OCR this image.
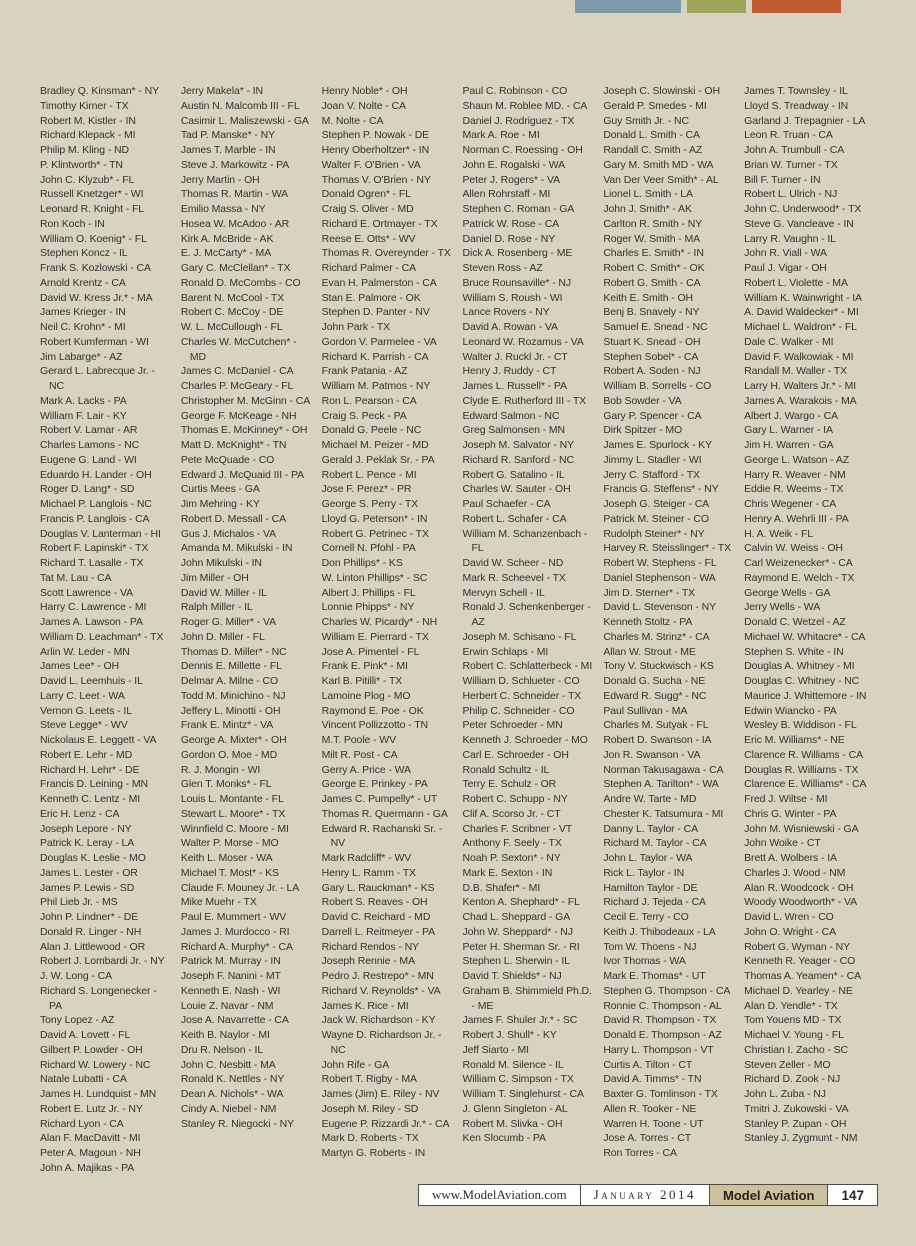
Bradley Q. Kinsman* - NY
Timothy Kirner - TX
Robert M. Kistler - IN
Richard Klepack - MI
Philip M. Kling - ND
P. Klintworth* - TN
John C. Klyzub* - FL
Russell Knetzger* - WI
Leonard R. Knight - FL
Ron Koch - IN
William O. Koenig* - FL
Stephen Koncz - IL
Frank S. Kozlowski - CA
Arnold Krentz - CA
David W. Kress Jr.* - MA
James Krieger - IN
Neil C. Krohn* - MI
Robert Kumferman - WI
Jim Labarge* - AZ
Gerard L. Labrecque Jr. - NC
Mark A. Lacks - PA
William F. Lair - KY
Robert V. Lamar - AR
Charles Lamons - NC
Eugene G. Land - WI
Eduardo H. Lander - OH
Roger D. Lang* - SD
Michael P. Langlois - NC
Francis P. Langlois - CA
Douglas V. Lanterman - HI
Robert F. Lapinski* - TX
Richard T. Lasalle - TX
Tat M. Lau - CA
Scott Lawrence - VA
Harry C. Lawrence - MI
James A. Lawson - PA
William D. Leachman* - TX
Arlin W. Leder - MN
James Lee* - OH
David L. Leemhuis - IL
Larry C. Leet - WA
Vernon G. Leets - IL
Steve Legge* - WV
Nickolaus E. Leggett - VA
Robert E. Lehr - MD
Richard H. Lehr* - DE
Francis D. Leining - MN
Kenneth C. Lentz - MI
Eric H. Lenz - CA
Joseph Lepore - NY
Patrick K. Leray - LA
Douglas K. Leslie - MO
James L. Lester - OR
James P. Lewis - SD
Phil Lieb Jr. - MS
John P. Lindner* - DE
Donald R. Linger - NH
Alan J. Littlewood - OR
Robert J. Lombardi Jr. - NY
J. W. Long - CA
Richard S. Longenecker - PA
Tony Lopez - AZ
David A. Lovett - FL
Gilbert P. Lowder - OH
Richard W. Lowery - NC
Natale Lubatti - CA
James H. Lundquist - MN
Robert E. Lutz Jr. - NY
Richard Lyon - CA
Alan F. MacDavitt - MI
Peter A. Magoun - NH
John A. Majikas - PA
Jerry Makela* - IN
Austin N. Malcomb III - FL
Casimir L. Maliszewski - GA
Tad P. Manske* - NY
James T. Marble - IN
Steve J. Markowitz - PA
Jerry Martin - OH
Thomas R. Martin - WA
Emilio Massa - NY
Hosea W. McAdoo - AR
Kirk A. McBride - AK
E. J. McCarty* - MA
Gary C. McClellan* - TX
Ronald D. McCombs - CO
Barent N. McCool - TX
Robert C. McCoy - DE
W. L. McCullough - FL
Charles W. McCutchen* - MD
James C. McDaniel - CA
Charles P. McGeary - FL
Christopher M. McGinn - CA
George F. McKeage - NH
Thomas E. McKinney* - OH
Matt D. McKnight* - TN
Pete McQuade - CO
Edward J. McQuaid III - PA
Curtis Mees - GA
Jim Mehring - KY
Robert D. Messall - CA
Gus J. Michalos - VA
Amanda M. Mikulski - IN
John Mikulski - IN
Jim Miller - OH
David W. Miller - IL
Ralph Miller - IL
Roger G. Miller* - VA
John D. Miller - FL
Thomas D. Miller* - NC
Dennis E. Millette - FL
Delmar A. Milne - CO
Todd M. Minichino - NJ
Jeffery L. Minotti - OH
Frank E. Mintz* - VA
George A. Mixter* - OH
Gordon O. Moe - MD
R. J. Mongin - WI
Glen T. Monks* - FL
Louis L. Montante - FL
Stewart L. Moore* - TX
Winnfield C. Moore - MI
Walter P. Morse - MO
Keith L. Moser - WA
Michael T. Most* - KS
Claude F. Mouney Jr. - LA
Mike Muehr - TX
Paul E. Mummert - WV
James J. Murdocco - RI
Richard A. Murphy* - CA
Patrick M. Murray - IN
Joseph F. Nanini - MT
Kenneth E. Nash - WI
Louie Z. Navar - NM
Jose A. Navarrette - CA
Keith B. Naylor - MI
Dru R. Nelson - IL
John C. Nesbitt - MA
Ronald K. Nettles - NY
Dean A. Nichols* - WA
Cindy A. Niebel - NM
Stanley R. Niegocki - NY
Henry Noble* - OH
Joan V. Nolte - CA
M. Nolte - CA
Stephen P. Nowak - DE
Henry Oberholtzer* - IN
Walter F. O'Brien - VA
Thomas V. O'Brien - NY
Donald Ogren* - FL
Craig S. Oliver - MD
Richard E. Ortmayer - TX
Reese E. Otts* - WV
Thomas R. Overeynder - TX
Richard Palmer - CA
Evan H. Palmerston - CA
Stan E. Palmore - OK
Stephen D. Panter - NV
John Park - TX
Gordon V. Parmelee - VA
Richard K. Parrish - CA
Frank Patania - AZ
William M. Patmos - NY
Ron L. Pearson - CA
Craig S. Peck - PA
Donald G. Peele - NC
Michael M. Peizer - MD
Gerald J. Peklak Sr. - PA
Robert L. Pence - MI
Jose F. Perez* - PR
George S. Perry - TX
Lloyd G. Peterson* - IN
Robert G. Petrinec - TX
Cornell N. Pfohl - PA
Don Phillips* - KS
W. Linton Phillips* - SC
Albert J. Phillips - FL
Lonnie Phipps* - NY
Charles W. Picardy* - NH
William E. Pierrard - TX
Jose A. Pimentel - FL
Frank E. Pink* - MI
Karl B. Pitilli* - TX
Lamoine Plog - MO
Raymond E. Poe - OK
Vincent Pollizzotto - TN
M.T. Poole - WV
Milt R. Post - CA
Gerry A. Price - WA
George E. Prinkey - PA
James C. Pumpelly* - UT
Thomas R. Quermann - GA
Edward R. Rachanski Sr. - NV
Mark Radcliff* - WV
Henry L. Ramm - TX
Gary L. Rauckman* - KS
Robert S. Reaves - OH
David C. Reichard - MD
Darrell L. Reitmeyer - PA
Richard Rendos - NY
Joseph Rennie - MA
Pedro J. Restrepo* - MN
Richard V. Reynolds* - VA
James K. Rice - MI
Jack W. Richardson - KY
Wayne D. Richardson Jr. - NC
John Rife - GA
Robert T. Rigby - MA
James (Jim) E. Riley - NV
Joseph M. Riley - SD
Eugene P. Rizzardi Jr.* - CA
Mark D. Roberts - TX
Martyn G. Roberts - IN
Paul C. Robinson - CO
Shaun M. Roblee MD. - CA
Daniel J. Rodriguez - TX
Mark A. Roe - MI
Norman C. Roessing - OH
John E. Rogalski - WA
Peter J. Rogers* - VA
Allen Rohrstaff - MI
Stephen C. Roman - GA
Patrick W. Rose - CA
Daniel D. Rose - NY
Dick A. Rosenberg - ME
Steven Ross - AZ
Bruce Rounsaville* - NJ
William S. Roush - WI
Lance Rovers - NY
David A. Rowan - VA
Leonard W. Rozamus - VA
Walter J. Ruckl Jr. - CT
Henry J. Ruddy - CT
James L. Russell* - PA
Clyde E. Rutherford III - TX
Edward Salmon - NC
Greg Salmonsen - MN
Joseph M. Salvator - NY
Richard R. Sanford - NC
Robert G. Satalino - IL
Charles W. Sauter - OH
Paul Schaefer - CA
Robert L. Schafer - CA
William M. Schanzenbach - FL
David W. Scheer - ND
Mark R. Scheevel - TX
Mervyn Schell - IL
Ronald J. Schenkenberger - AZ
Joseph M. Schisano - FL
Erwin Schlaps - MI
Robert C. Schlatterbeck - MI
William D. Schlueter - CO
Herbert C. Schneider - TX
Philip C. Schneider - CO
Peter Schroeder - MN
Kenneth J. Schroeder - MO
Carl E. Schroeder - OH
Ronald Schultz - IL
Terry E. Schulz - OR
Robert C. Schupp - NY
Clif A. Scorso Jr. - CT
Charles F. Scribner - VT
Anthony F. Seely - TX
Noah P. Sexton* - NY
Mark E. Sexton - IN
D.B. Shafer* - MI
Kenton A. Shephard* - FL
Chad L. Sheppard - GA
John W. Sheppard* - NJ
Peter H. Sherman Sr. - RI
Stephen L. Sherwin - IL
David T. Shields* - NJ
Graham B. Shimmield Ph.D. - ME
James F. Shuler Jr.* - SC
Robert J. Shull* - KY
Jeff Siarto - MI
Ronald M. Silence - IL
William C. Simpson - TX
William T. Singlehurst - CA
J. Glenn Singleton - AL
Robert M. Slivka - OH
Ken Slocumb - PA
Joseph C. Slowinski - OH
Gerald P. Smedes - MI
Guy Smith Jr. - NC
Donald L. Smith - CA
Randall C. Smith - AZ
Gary M. Smith MD - WA
Van Der Veer Smith* - AL
Lionel L. Smith - LA
John J. Smith* - AK
Carlton R. Smith - NY
Roger W. Smith - MA
Charles E. Smith* - IN
Robert C. Smith* - OK
Robert G. Smith - CA
Keith E. Smith - OH
Benj B. Snavely - NY
Samuel E. Snead - NC
Stuart K. Snead - OH
Stephen Sobel* - CA
Robert A. Soden - NJ
William B. Sorrells - CO
Bob Sowder - VA
Gary P. Spencer - CA
Dirk Spitzer - MO
James E. Spurlock - KY
Jimmy L. Stadler - WI
Jerry C. Stafford - TX
Francis G. Steffens* - NY
Joseph G. Steiger - CA
Patrick M. Steiner - CO
Rudolph Steiner* - NY
Harvey R. Steisslinger* - TX
Robert W. Stephens - FL
Daniel Stephenson - WA
Jim D. Sterner* - TX
David L. Stevenson - NY
Kenneth Stoltz - PA
Charles M. Strinz* - CA
Allan W. Strout - ME
Tony V. Stuckwisch - KS
Donald G. Sucha - NE
Edward R. Sugg* - NC
Paul Sullivan - MA
Charles M. Sutyak - FL
Robert D. Swanson - IA
Jon R. Swanson - VA
Norman Takusagawa - CA
Stephen A. Tarilton* - WA
Andre W. Tarte - MD
Chester K. Tatsumura - MI
Danny L. Taylor - CA
Richard M. Taylor - CA
John L. Taylor - WA
Rick L. Taylor - IN
Hamilton Taylor - DE
Richard J. Tejeda - CA
Cecil E. Terry - CO
Keith J. Thibodeaux - LA
Tom W. Thoens - NJ
Ivor Thomas - WA
Mark E. Thomas* - UT
Stephen G. Thompson - CA
Ronnie C. Thompson - AL
David R. Thompson - TX
Donald E. Thompson - AZ
Harry L. Thompson - VT
Curtis A. Tilton - CT
David A. Timms* - TN
Baxter G. Tomlinson - TX
Allen R. Tooker - NE
Warren H. Toone - UT
Jose A. Torres - CT
Ron Torres - CA
James T. Townsley - IL
Lloyd S. Treadway - IN
Garland J. Trepagnier - LA
Leon R. Truan - CA
John A. Trumbull - CA
Brian W. Turner - TX
Bill F. Turner - IN
Robert L. Ulrich - NJ
John C. Underwood* - TX
Steve G. Vancleave - IN
Larry R. Vaughn - IL
John R. Viall - WA
Paul J. Vigar - OH
Robert L. Violette - MA
William K. Wainwright - IA
A. David Waldecker* - MI
Michael L. Waldron* - FL
Dale C. Walker - MI
David F. Walkowiak - MI
Randall M. Waller - TX
Larry H. Walters Jr.* - MI
James A. Warakois - MA
Albert J. Wargo - CA
Gary L. Warner - IA
Jim H. Warren - GA
George L. Watson - AZ
Harry R. Weaver - NM
Eddie R. Weems - TX
Chris Wegener - CA
Henry A. Wehrli III - PA
H. A. Weik - FL
Calvin W. Weiss - OH
Carl Weizenecker* - CA
Raymond E. Welch - TX
George Wells - GA
Jerry Wells - WA
Donald C. Wetzel - AZ
Michael W. Whitacre* - CA
Stephen S. White - IN
Douglas A. Whitney - MI
Douglas C. Whitney - NC
Maurice J. Whittemore - IN
Edwin Wiancko - PA
Wesley B. Widdison - FL
Eric M. Williams* - NE
Clarence R. Williams - CA
Douglas R. Williams - TX
Clarence E. Williams* - CA
Fred J. Wiltse - MI
Chris G. Winter - PA
John M. Wisniewski - GA
John Woike - CT
Brett A. Wolbers - IA
Charles J. Wood - NM
Alan R. Woodcock - OH
Woody Woodworth* - VA
David L. Wren - CO
John O. Wright - CA
Robert G. Wyman - NY
Kenneth R. Yeager - CO
Thomas A. Yeamen* - CA
Michael D. Yearley - NE
Alan D. Yendle* - TX
Tom Youens MD - TX
Michael V. Young - FL
Christian I. Zacho - SC
Steven Zeller - MO
Richard D. Zook - NJ
John L. Zuba - NJ
Tmitri J. Zukowski - VA
Stanley P. Zupan - OH
Stanley J. Zygmunt - NM
www.ModelAviation.com	January 2014	Model Aviation	147
